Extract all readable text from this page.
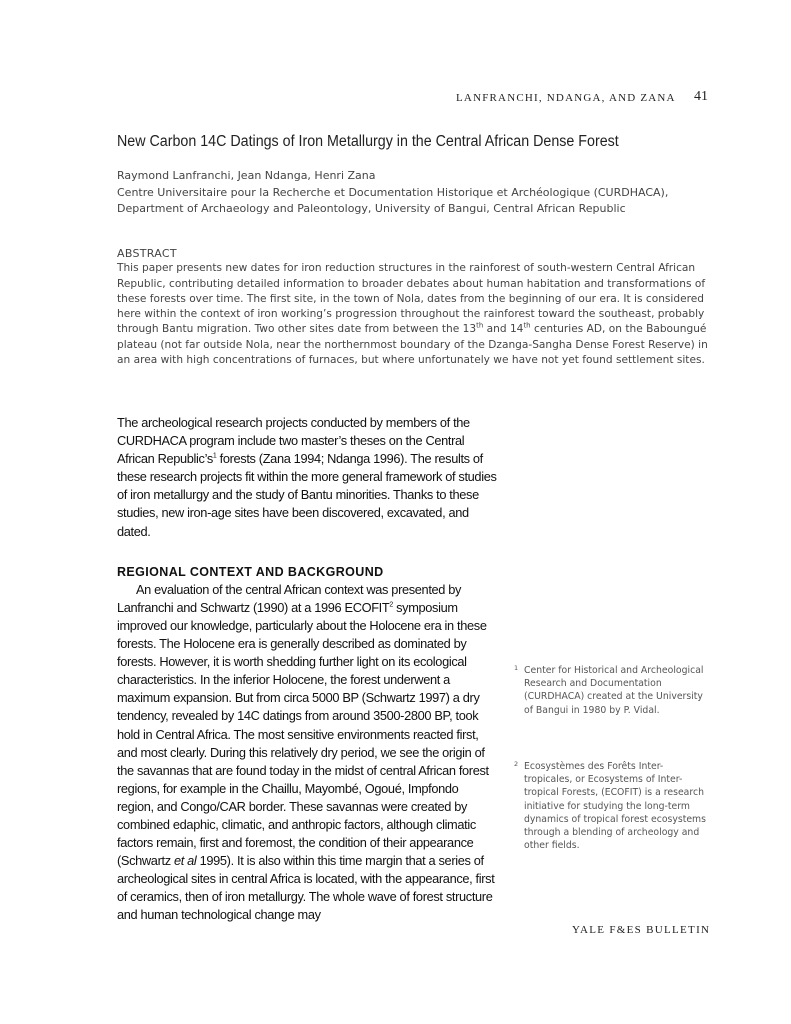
LANFRANCHI, NDANGA, AND ZANA 41
New Carbon 14C Datings of Iron Metallurgy in the Central African Dense Forest
Raymond Lanfranchi, Jean Ndanga, Henri Zana
Centre Universitaire pour la Recherche et Documentation Historique et Archéologique (CURDHACA), Department of Archaeology and Paleontology, University of Bangui, Central African Republic
ABSTRACT

This paper presents new dates for iron reduction structures in the rainforest of south-western Central African Republic, contributing detailed information to broader debates about human habitation and transformations of these forests over time. The first site, in the town of Nola, dates from the beginning of our era. It is considered here within the context of iron working’s progression throughout the rainforest toward the southeast, probably through Bantu migration. Two other sites date from between the 13th and 14th centuries AD, on the Baboungué plateau (not far outside Nola, near the northernmost boundary of the Dzanga-Sangha Dense Forest Reserve) in an area with high concentrations of furnaces, but where unfortunately we have not yet found settlement sites.

The archeological research projects conducted by members of the CURDHACA program include two master’s theses on the Central African $Republic’s^1$ forests (Zana 1994; Ndanga 1996). The results of these research projects fit within the more general framework of studies of iron metallurgy and the study of Bantu minorities. Thanks to these studies, new iron-age sites have been discovered, excavated, and dated.

REGIONAL CONTEXT AND BACKGROUND

An evaluation of the central African context was presented by Lanfranchi and Schwartz (1990) at a 1996 ECOFIT$^2$ symposium improved our knowledge, particularly about the Holocene era in these forests. The Holocene era is generally described as dominated by forests. However, it is worth shedding further light on its ecological characteristics. In the inferior Holocene, the forest underwent a maximum expansion. But from circa 5000 BP (Schwartz 1997) a dry tendency, revealed by 14C datings from around 3500-2800 BP, took hold in Central Africa. The most sensitive environments reacted first, and most clearly. During this relatively dry period, we see the origin of the savannas that are found today in the midst of central African forest regions, for example in the Chaillu, Mayombé, Ogoué, Impfondo region, and Congo/CAR border. These savannas were created by combined edaphic, climatic, and anthropic factors, although climatic factors remain, first and foremost, the condition of their appearance (Schwartz et al 1995). It is also within this time margin that a series of archeological sites in central Africa is located, with the appearance, first of ceramics, then of iron metallurgy. The whole wave of forest structure and human technological change may

1 Center for Historical and Archeological Research and Documentation (CURDHACA) created at the University of Bangui in 1980 by P. Vidal.
2 Ecosystèmes des Forêts Inter-tropicales, or Ecosystems of Inter-tropical Forests, (ECOFIT) is a research initiative for studying the long-term dynamics of tropical forest ecosystems through a blending of archeology and other fields.
YALE F&ES BULLETIN
